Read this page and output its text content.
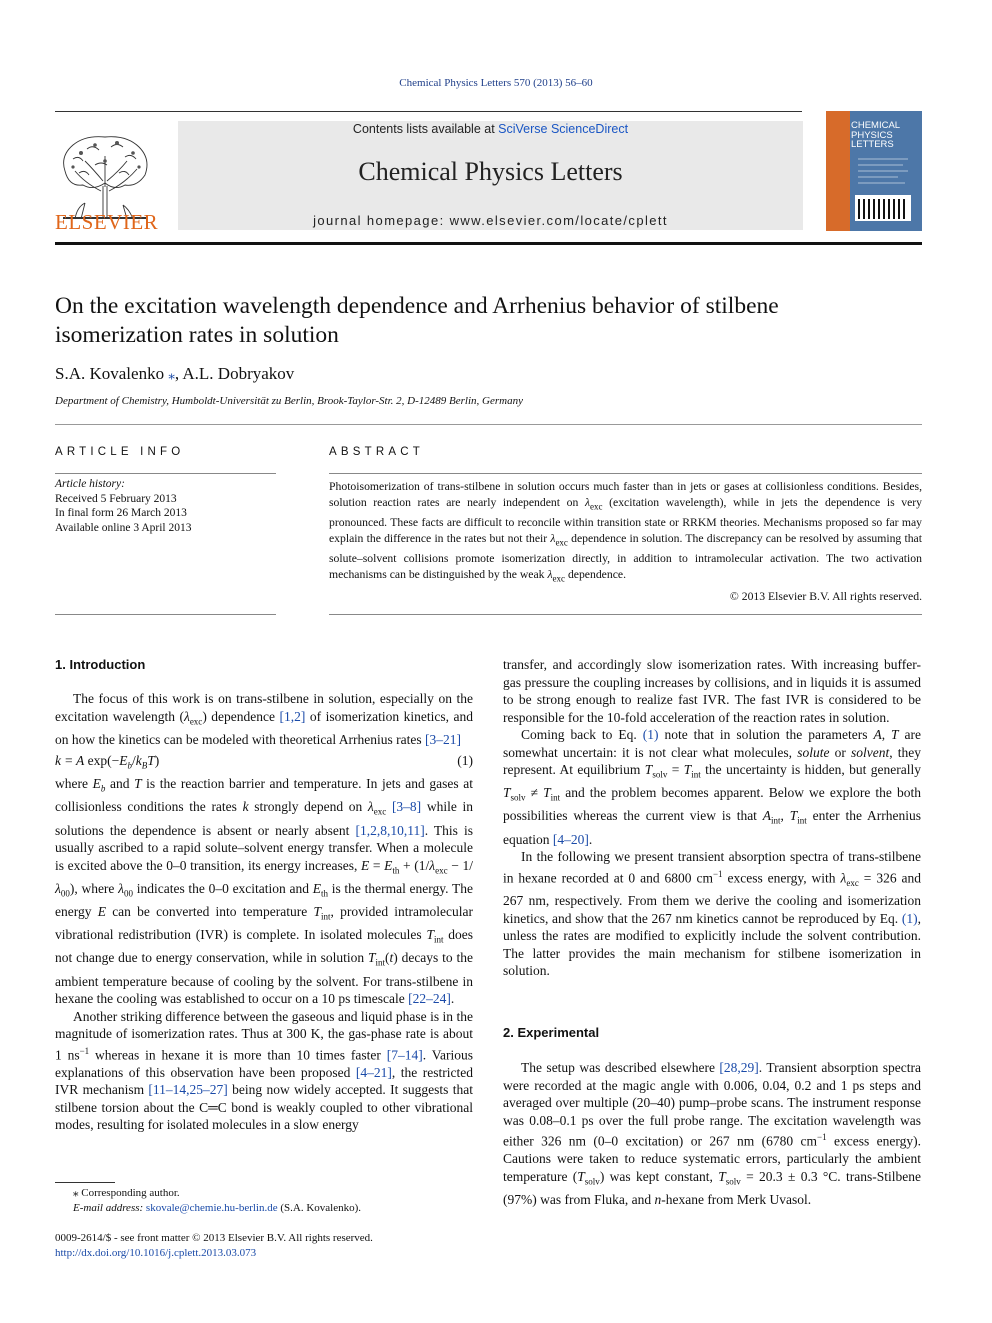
Chemical Physics Letters 570 (2013) 56–60
ELSEVIER
Contents lists available at SciVerse ScienceDirect
Chemical Physics Letters
journal homepage: www.elsevier.com/locate/cplett
CHEMICAL
PHYSICS
LETTERS
On the excitation wavelength dependence and Arrhenius behavior of stilbene isomerization rates in solution
S.A. Kovalenko ⁎, A.L. Dobryakov
Department of Chemistry, Humboldt-Universität zu Berlin, Brook-Taylor-Str. 2, D-12489 Berlin, Germany
ARTICLE INFO	ABSTRACT
Article history:
Received 5 February 2013
In final form 26 March 2013
Available online 3 April 2013
Photoisomerization of trans-stilbene in solution occurs much faster than in jets or gases at collisionless conditions. Besides, solution reaction rates are nearly independent on $\lambda_{exc}$ (excitation wavelength), while in jets the dependence is very pronounced. These facts are difficult to reconcile within transition state or RRKM theories. Mechanisms proposed so far may explain the difference in the rates but not their $\lambda_{exc}$ dependence in solution. The discrepancy can be resolved by assuming that solute–solvent collisions promote isomerization directly, in addition to intramolecular activation. The two activation mechanisms can be distinguished by the weak $\lambda_{exc}$ dependence.
© 2013 Elsevier B.V. All rights reserved.
1. Introduction

The focus of this work is on trans-stilbene in solution, especially on the excitation wavelength $(\lambda_{exc})$ dependence [1,2] of isomerization kinetics, and on how the kinetics can be modeled with theoretical Arrhenius rates [3–21]

k = A $\exp(-E_b/k_BT)$	(1)

where $E_b$ and T is the reaction barrier and temperature. In jets and gases at collisionless conditions the rates k strongly depend on $\lambda_{exc}$ [3–8] while in solutions the dependence is absent or nearly absent [1,2,8,10,11]. This is usually ascribed to a rapid solute–solvent energy transfer. When a molecule is excited above the 0–0 transition, its energy increases, $E = E_{th} + (1/\lambda_{exc} - 1/\lambda_{00})$, where $\lambda_{00}$ indicates the 0–0 excitation and $E_{th}$ is the thermal energy. The energy E can be converted into temperature $T_{int}$, provided intramolecular vibrational redistribution (IVR) is complete. In isolated molecules $T_{int}$ does not change due to energy conservation, while in solution $T_{int}(t)$ decays to the ambient temperature because of cooling by the solvent. For trans-stilbene in hexane the cooling was established to occur on a 10 ps timescale [22–24].

Another striking difference between the gaseous and liquid phase is in the magnitude of isomerization rates. Thus at 300 K, the gas-phase rate is about 1 $ns^{-1}$ whereas in hexane it is more than 10 times faster [7–14]. Various explanations of this observation have been proposed [4–21], the restricted IVR mechanism [11–14,25–27] being now widely accepted. It suggests that stilbene torsion about the C═C bond is weakly coupled to other vibrational modes, resulting for isolated molecules in a slow energy

transfer, and accordingly slow isomerization rates. With increasing buffer-gas pressure the coupling increases by collisions, and in liquids it is assumed to be strong enough to realize fast IVR. The fast IVR is considered to be responsible for the 10-fold acceleration of the reaction rates in solution.

Coming back to Eq. (1) note that in solution the parameters A, T are somewhat uncertain: it is not clear what molecules, solute or solvent, they represent. At equilibrium $T_{solv} = T_{int}$ the uncertainty is hidden, but generally $T_{solv} \ne T_{int}$ and the problem becomes apparent. Below we explore the both possibilities whereas the current view is that $A_{int}$, $T_{int}$ enter the Arrhenius equation [4–20].

In the following we present transient absorption spectra of trans-stilbene in hexane recorded at 0 and 6800 $cm^{-1}$ excess energy, with $\lambda_{exc} = 326$ and 267 nm, respectively. From them we derive the cooling and isomerization kinetics, and show that the 267 nm kinetics cannot be reproduced by Eq. (1), unless the rates are modified to explicitly include the solvent contribution. The latter provides the main mechanism for stilbene isomerization in solution.

2. Experimental

The setup was described elsewhere [28,29]. Transient absorption spectra were recorded at the magic angle with 0.006, 0.04, 0.2 and 1 ps steps and averaged over multiple (20–40) pump–probe scans. The instrument response was 0.08–0.1 ps over the full probe range. The excitation wavelength was either 326 nm (0–0 excitation) or 267 nm (6780 $cm^{-1}$ excess energy). Cautions were taken to reduce systematic errors, particularly the ambient temperature $(T_{solv})$ was kept constant, $T_{solv} = 20.3 \pm 0.3$ °C. trans-Stilbene (97%) was from Fluka, and n-hexane from Merk Uvasol.

⁎ Corresponding author.
E-mail address: skovale@chemie.hu-berlin.de (S.A. Kovalenko).
0009-2614/$ - see front matter © 2013 Elsevier B.V. All rights reserved.
http://dx.doi.org/10.1016/j.cplett.2013.03.073
